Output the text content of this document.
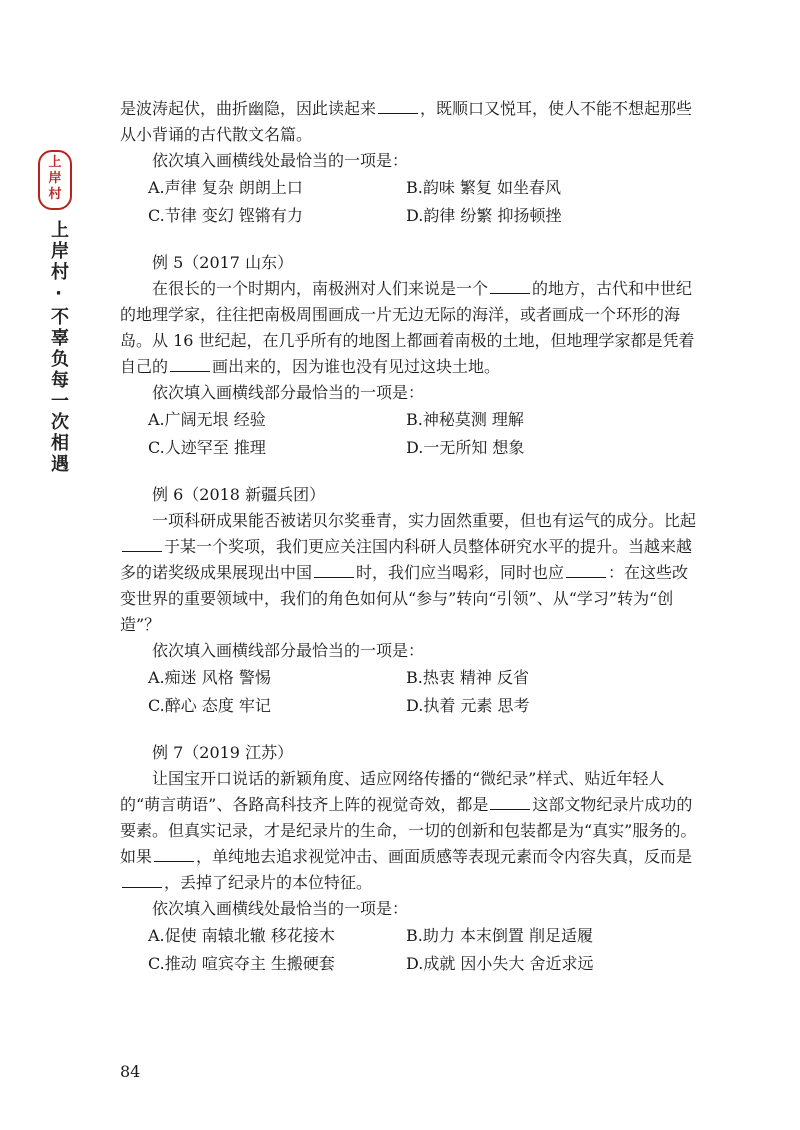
上
岸
村
上岸村·不辜负每一次相遇

是波涛起伏，曲折幽隐，因此读起来	，既顺口又悦耳，使人不能不想起那些从小背诵的古代散文名篇。

依次填入画横线处最恰当的一项是：

A.声律 复杂 朗朗上口	B.韵味 繁复 如坐春风
C.节律 变幻 铿锵有力	D.韵律 纷繁 抑扬顿挫

例 5（2017 山东）

在很长的一个时期内，南极洲对人们来说是一个	的地方，古代和中世纪的地理学家，往往把南极周围画成一片无边无际的海洋，或者画成一个环形的海岛。从 16 世纪起，在几乎所有的地图上都画着南极的土地，但地理学家都是凭着自己的	画出来的，因为谁也没有见过这块土地。

依次填入画横线部分最恰当的一项是：

A.广阔无垠 经验	B.神秘莫测 理解
C.人迹罕至 推理	D.一无所知 想象

例 6（2018 新疆兵团）

一项科研成果能否被诺贝尔奖垂青，实力固然重要，但也有运气的成分。比起于某一个奖项，我们更应关注国内科研人员整体研究水平的提升。当越来越多的诺奖级成果展现出中国	时，我们应当喝彩，同时也应	：在这些改变世界的重要领域中，我们的角色如何从“参与”转向“引领”、从“学习”转为“创造”？

依次填入画横线部分最恰当的一项是：

A.痴迷 风格 警惕	B.热衷 精神 反省
C.醉心 态度 牢记	D.执着 元素 思考

例 7（2019 江苏）

让国宝开口说话的新颖角度、适应网络传播的“微纪录”样式、贴近年轻人的“萌言萌语”、各路高科技齐上阵的视觉奇效，都是	这部文物纪录片成功的要素。但真实记录，才是纪录片的生命，一切的创新和包装都是为“真实”服务的。如果	，单纯地去追求视觉冲击、画面质感等表现元素而令内容失真，反而是，丢掉了纪录片的本位特征。

依次填入画横线处最恰当的一项是：

A.促使 南辕北辙 移花接木	B.助力 本末倒置 削足适履
C.推动 喧宾夺主 生搬硬套	D.成就 因小失大 舍近求远
84
